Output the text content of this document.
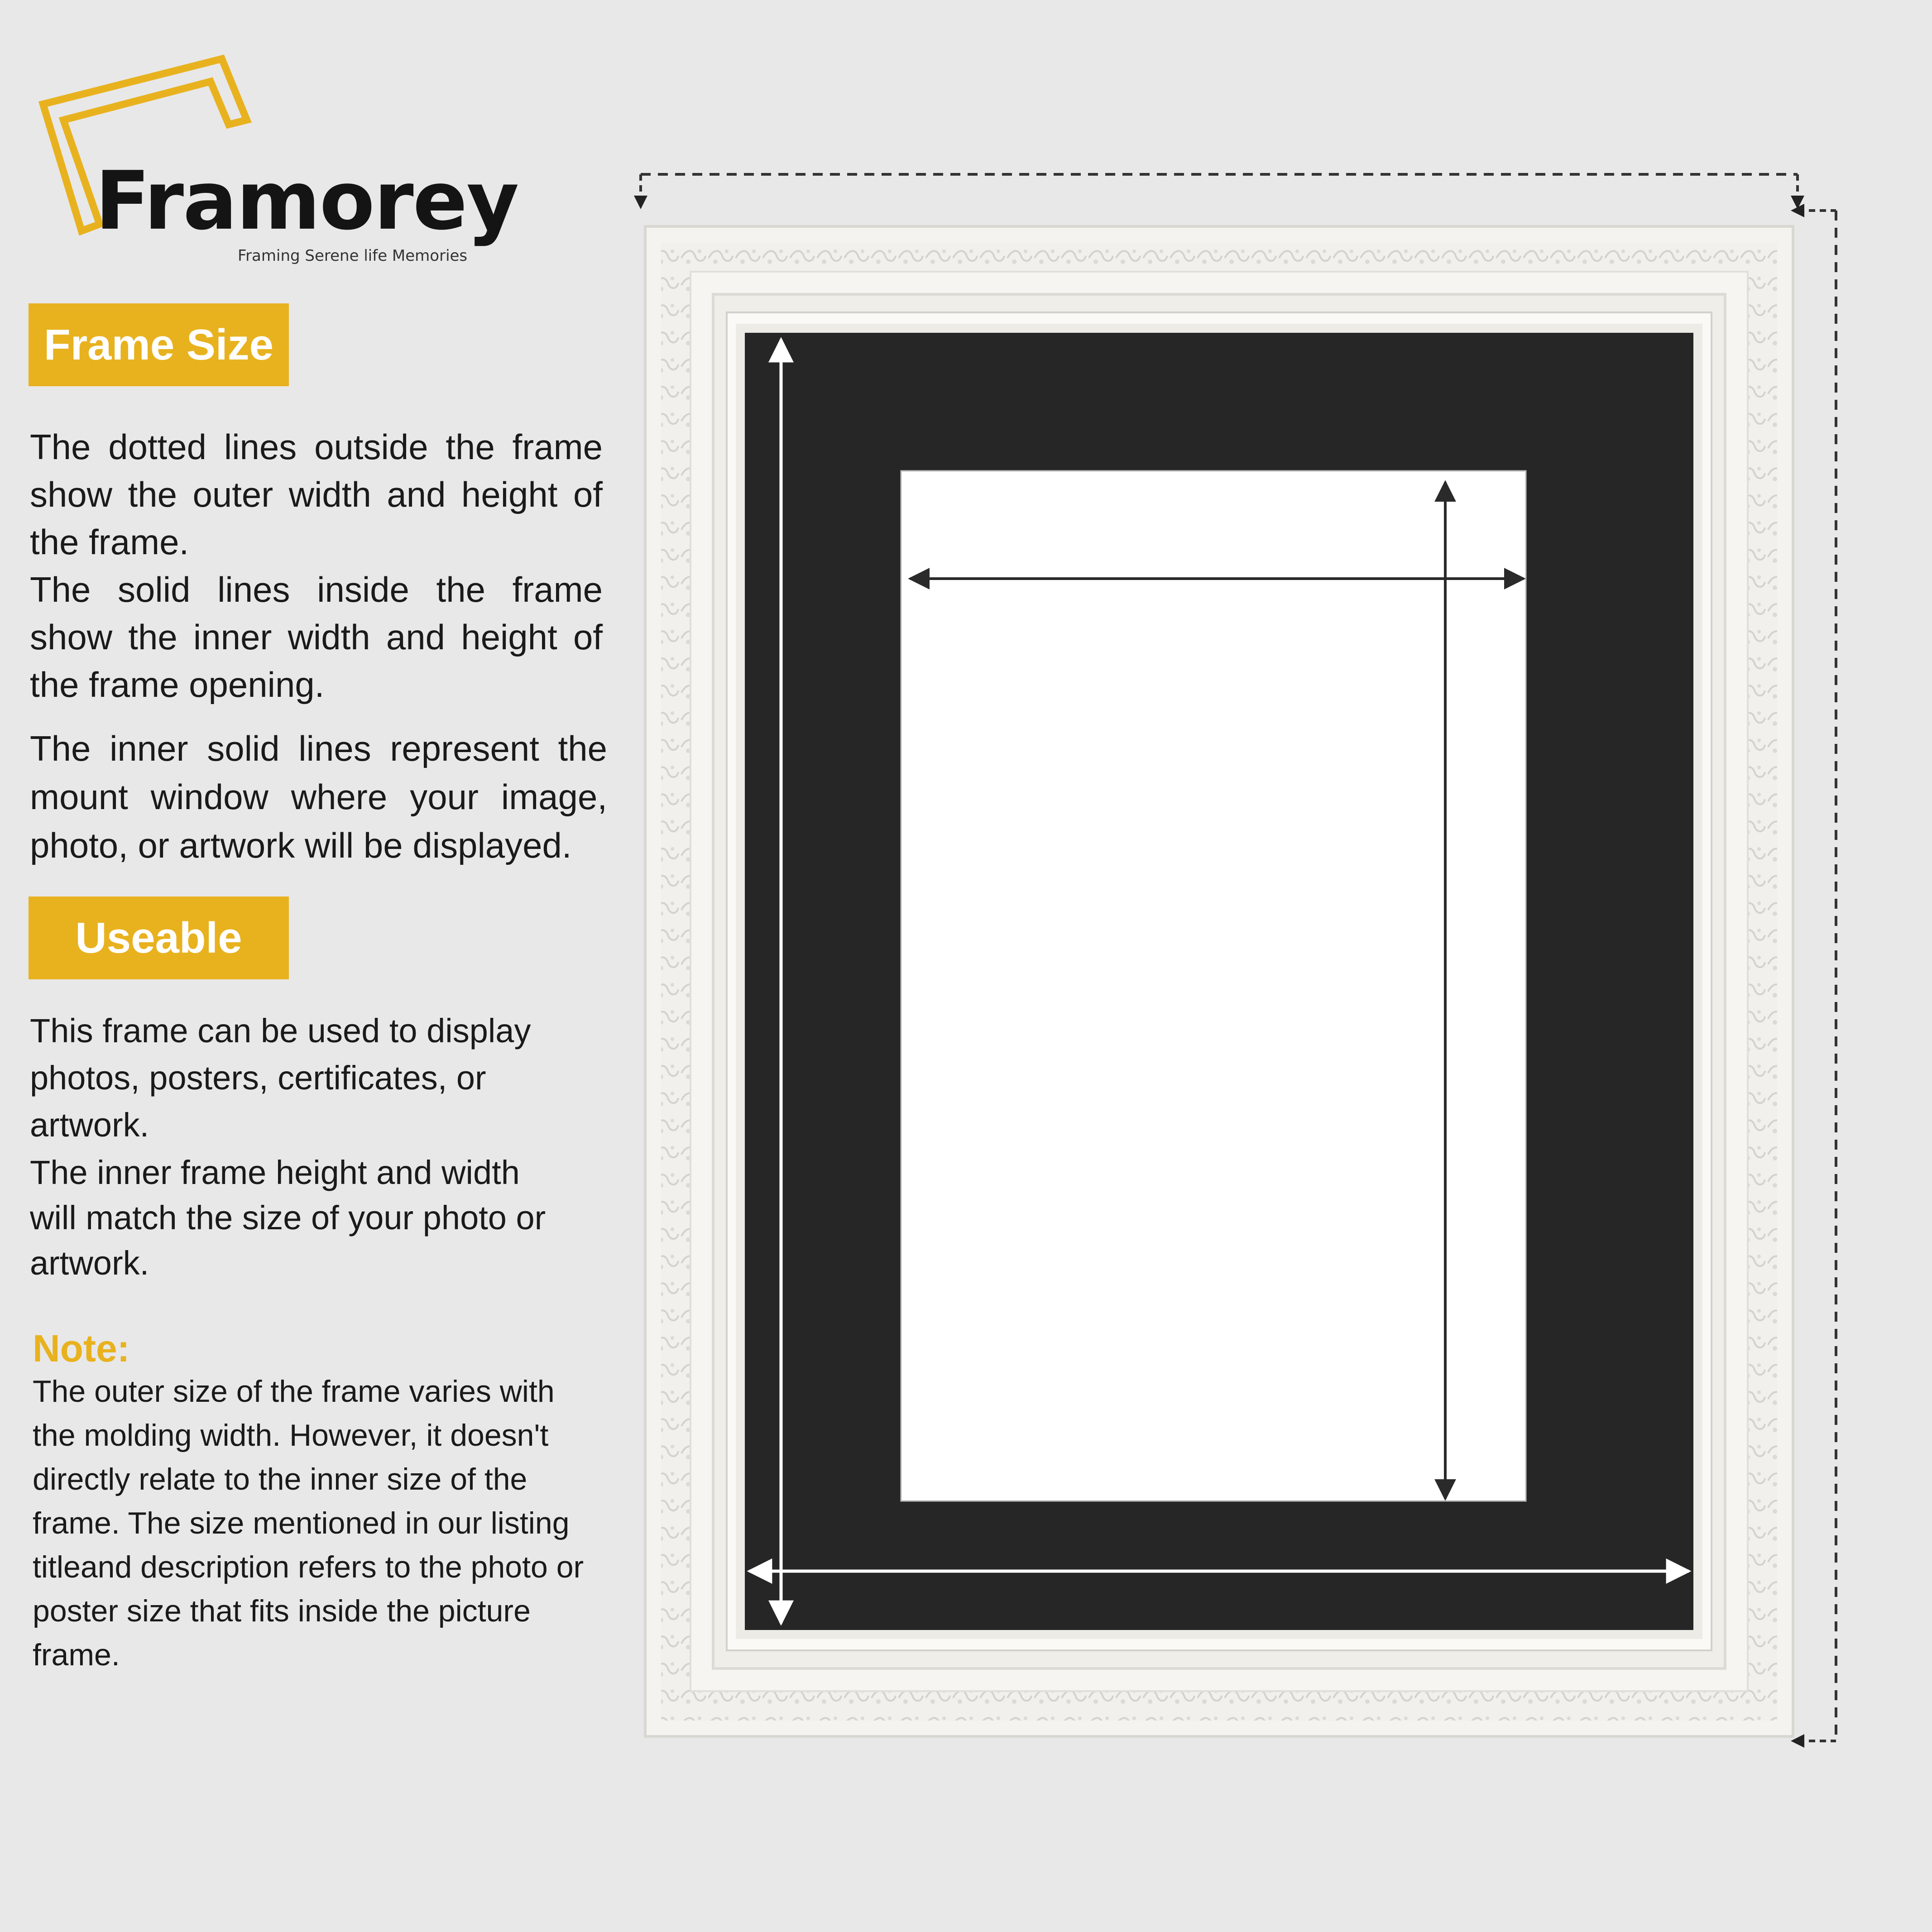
Framorey
Framing Serene life Memories
Frame Size

The dotted lines outside the frame show the outer width and height of the frame.

The solid lines inside the frame show the inner width and height of the frame opening.

The inner solid lines represent the mount window where your image, photo, or artwork will be displayed.

Useable

This frame can be used to display photos, posters, certificates, or artwork.

The inner frame height and width will match the size of your photo or artwork.

Note:

The outer size of the frame varies with the molding width. However, it doesn't directly relate to the inner size of the frame. The size mentioned in our listing titleand description refers to the photo or poster size that fits inside the picture frame.
